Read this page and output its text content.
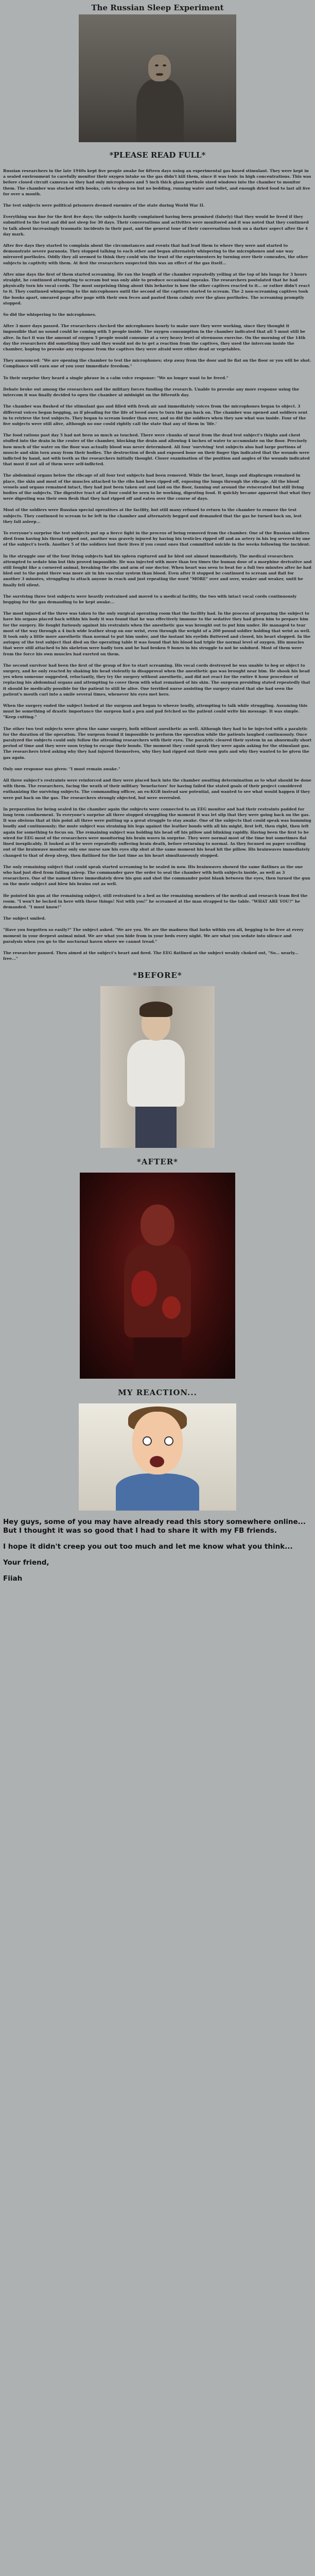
The Russian Sleep Experiment
*PLEASE READ FULL*

Russian researchers in the late 1940s kept five people awake for fifteen days using an experimental gas based stimulant. They were kept in a sealed environment to carefully monitor their oxygen intake so the gas didn't kill them, since it was toxic in high concentrations. This was before closed circuit cameras so they had only microphones and 5 inch thick glass porthole sized windows into the chamber to monitor them. The chamber was stocked with books, cots to sleep on but no bedding, running water and toilet, and enough dried food to last all five for over a month.

The test subjects were political prisoners deemed enemies of the state during World War II.

Everything was fine for the first five days; the subjects hardly complained having been promised (falsely) that they would be freed if they submitted to the test and did not sleep for 30 days. Their conversations and activities were monitored and it was noted that they continued to talk about increasingly traumatic incidents in their past, and the general tone of their conversations took on a darker aspect after the 4 day mark.

After five days they started to complain about the circumstances and events that had lead them to where they were and started to demonstrate severe paranoia. They stopped talking to each other and began alternately whispering to the microphones and one way mirrored portholes. Oddly they all seemed to think they could win the trust of the experimenters by turning over their comrades, the other subjects in captivity with them. At first the researchers suspected this was an effect of the gas itself...

After nine days the first of them started screaming. He ran the length of the chamber repeatedly yelling at the top of his lungs for 3 hours straight, he continued attempting to scream but was only able to produce occasional squeaks. The researchers postulated that he had physically torn his vocal cords. The most surprising thing about this behavior is how the other captives reacted to it... or rather didn't react to it. They continued whispering to the microphones until the second of the captives started to scream. The 2 non-screaming captives took the books apart, smeared page after page with their own feces and pasted them calmly over the glass portholes. The screaming promptly stopped.

So did the whispering to the microphones.

After 3 more days passed. The researchers checked the microphones hourly to make sure they were working, since they thought it impossible that no sound could be coming with 5 people inside. The oxygen consumption in the chamber indicated that all 5 must still be alive. In fact it was the amount of oxygen 5 people would consume at a very heavy level of strenuous exercise. On the morning of the 14th day the researchers did something they said they would not do to get a reaction from the captives, they used the intercom inside the chamber, hoping to provoke any response from the captives they were afraid were either dead or vegetables.

They announced: "We are opening the chamber to test the microphones; step away from the door and lie flat on the floor or you will be shot. Compliance will earn one of you your immediate freedom."

To their surprise they heard a single phrase in a calm voice response: "We no longer want to be freed."

Debate broke out among the researchers and the military forces funding the research. Unable to provoke any more response using the intercom it was finally decided to open the chamber at midnight on the fifteenth day.

The chamber was flushed of the stimulant gas and filled with fresh air and immediately voices from the microphones began to object. 3 different voices began begging, as if pleading for the life of loved ones to turn the gas back on. The chamber was opened and soldiers sent in to retrieve the test subjects. They began to scream louder than ever, and so did the soldiers when they saw what was inside. Four of the five subjects were still alive, although no one could rightly call the state that any of them in 'life.'

The food rations past day 5 had not been so much as touched. There were chunks of meat from the dead test subject's thighs and chest stuffed into the drain in the center of the chamber, blocking the drain and allowing 4 inches of water to accumulate on the floor. Precisely how much of the water on the floor was actually blood was never determined. All four 'surviving' test subjects also had large portions of muscle and skin torn away from their bodies. The destruction of flesh and exposed bone on their finger tips indicated that the wounds were inflicted by hand, not with teeth as the researchers initially thought. Closer examination of the position and angles of the wounds indicated that most if not all of them were self-inflicted.

The abdominal organs below the ribcage of all four test subjects had been removed. While the heart, lungs and diaphragm remained in place, the skin and most of the muscles attached to the ribs had been ripped off, exposing the lungs through the ribcage. All the blood vessels and organs remained intact, they had just been taken out and laid on the floor, fanning out around the eviscerated but still living bodies of the subjects. The digestive tract of all four could be seen to be working, digesting food. It quickly became apparent that what they were digesting was their own flesh that they had ripped off and eaten over the course of days.

Most of the soldiers were Russian special operatives at the facility, but still many refused to return to the chamber to remove the test subjects. They continued to scream to be left in the chamber and alternately begged and demanded that the gas be turned back on, lest they fall asleep...

To everyone's surprise the test subjects put up a fierce fight in the process of being removed from the chamber. One of the Russian soldiers died from having his throat ripped out, another was gravely injured by having his testicles ripped off and an artery in his leg severed by one of the subject's teeth. Another 5 of the soldiers lost their lives if you count ones that committed suicide in the weeks following the incident.

In the struggle one of the four living subjects had his spleen ruptured and he bled out almost immediately. The medical researchers attempted to sedate him but this proved impossible. He was injected with more than ten times the human dose of a morphine derivative and still fought like a cornered animal, breaking the ribs and arm of one doctor. When heart was seen to beat for a full two minutes after he had bled out to the point there was more air in his vascular system than blood. Even after it stopped he continued to scream and flail for another 3 minutes, struggling to attack anyone in reach and just repeating the word "MORE" over and over, weaker and weaker, until he finally fell silent.

The surviving three test subjects were heavily restrained and moved to a medical facility, the two with intact vocal cords continuously begging for the gas demanding to be kept awake...

The most injured of the three was taken to the only surgical operating room that the facility had. In the process of preparing the subject to have his organs placed back within his body it was found that he was effectively immune to the sedative they had given him to prepare him for the surgery. He fought furiously against his restraints when the anesthetic gas was brought out to put him under. He managed to tear most of the way through a 4 inch wide leather strap on one wrist, even through the weight of a 200 pound soldier holding that wrist as well. It took only a little more anesthetic than normal to put him under, and the instant his eyelids fluttered and closed, his heart stopped. In the autopsy of the test subject that died on the operating table it was found that his blood had triple the normal level of oxygen. His muscles that were still attached to his skeleton were badly torn and he had broken 9 bones in his struggle to not be subdued. Most of them were from the force his own muscles had exerted on them.

The second survivor had been the first of the group of five to start screaming. His vocal cords destroyed he was unable to beg or object to surgery, and he only reacted by shaking his head violently in disapproval when the anesthetic gas was brought near him. He shook his head yes when someone suggested, reluctantly, they try the surgery without anesthetic, and did not react for the entire 6 hour procedure of replacing his abdominal organs and attempting to cover them with what remained of his skin. The surgeon presiding stated repeatedly that it should be medically possible for the patient to still be alive. One terrified nurse assisting the surgery stated that she had seen the patient's mouth curl into a smile several times, whenever his eyes met hers.

When the surgery ended the subject looked at the surgeon and began to wheeze loudly, attempting to talk while struggling. Assuming this must be something of drastic importance the surgeon had a pen and pad fetched so the patient could write his message. It was simple. "Keep cutting."

The other two test subjects were given the same surgery, both without anesthetic as well. Although they had to be injected with a paralytic for the duration of the operation. The surgeon found it impossible to perform the operation while the patients laughed continuously. Once paralyzed the subjects could only follow the attending researchers with their eyes. The paralytic cleared their system in an abnormally short period of time and they were soon trying to escape their bonds. The moment they could speak they were again asking for the stimulant gas. The researchers tried asking why they had injured themselves, why they had ripped out their own guts and why they wanted to be given the gas again.

Only one response was given: "I must remain awake."

All three subject's restraints were reinforced and they were placed back into the chamber awaiting determination as to what should be done with them. The researchers, facing the wrath of their military 'benefactors' for having failed the stated goals of their project considered euthanizing the surviving subjects. The commanding officer, an ex-KGB instead saw potential, and wanted to see what would happen if they were put back on the gas. The researchers strongly objected, but were overruled.

In preparation for being sealed in the chamber again the subjects were connected to an EEG monitor and had their restraints padded for long term confinement. To everyone's surprise all three stopped struggling the moment it was let slip that they were going back on the gas. It was obvious that at this point all three were putting up a great struggle to stay awake. One of the subjects that could speak was humming loudly and continuously; the mute subject was straining his legs against the leather bonds with all his might, first left, then right, then left again for something to focus on. The remaining subject was holding his head off his pillow and blinking rapidly. Having been the first to be wired for EEG most of the researchers were monitoring his brain waves in surprise. They were normal most of the time but sometimes flat lined inexplicably. It looked as if he were repeatedly suffering brain death, before returning to normal. As they focused on paper scrolling out of the brainwave monitor only one nurse saw his eyes slip shut at the same moment his head hit the pillow. His brainwaves immediately changed to that of deep sleep, then flatlined for the last time as his heart simultaneously stopped.

The only remaining subject that could speak started screaming to be sealed in now. His brainwaves showed the same flatlines as the one who had just died from falling asleep. The commander gave the order to seal the chamber with both subjects inside, as well as 3 researchers. One of the named three immediately drew his gun and shot the commander point blank between the eyes, then turned the gun on the mute subject and blew his brains out as well.

He pointed his gun at the remaining subject, still restrained to a bed as the remaining members of the medical and research team fled the room. "I won't be locked in here with these things! Not with you!" he screamed at the man strapped to the table. "WHAT ARE YOU?" he demanded. "I must know!"

The subject smiled.

"Have you forgotten so easily?" The subject asked. "We are you. We are the madness that lurks within you all, begging to be free at every moment in your deepest animal mind. We are what you hide from in your beds every night. We are what you sedate into silence and paralysis when you go to the nocturnal haven where we cannot tread."

The researcher paused. Then aimed at the subject's heart and fired. The EEG flatlined as the subject weakly choked out, "So... nearly... free..."

*BEFORE*
*AFTER*
MY REACTION...

Hey guys, some of you may have already read this story somewhere online... But I thought it was so good that I had to share it with my FB friends.

I hope it didn't creep you out too much and let me know what you think...

Your friend,

Fiiah
